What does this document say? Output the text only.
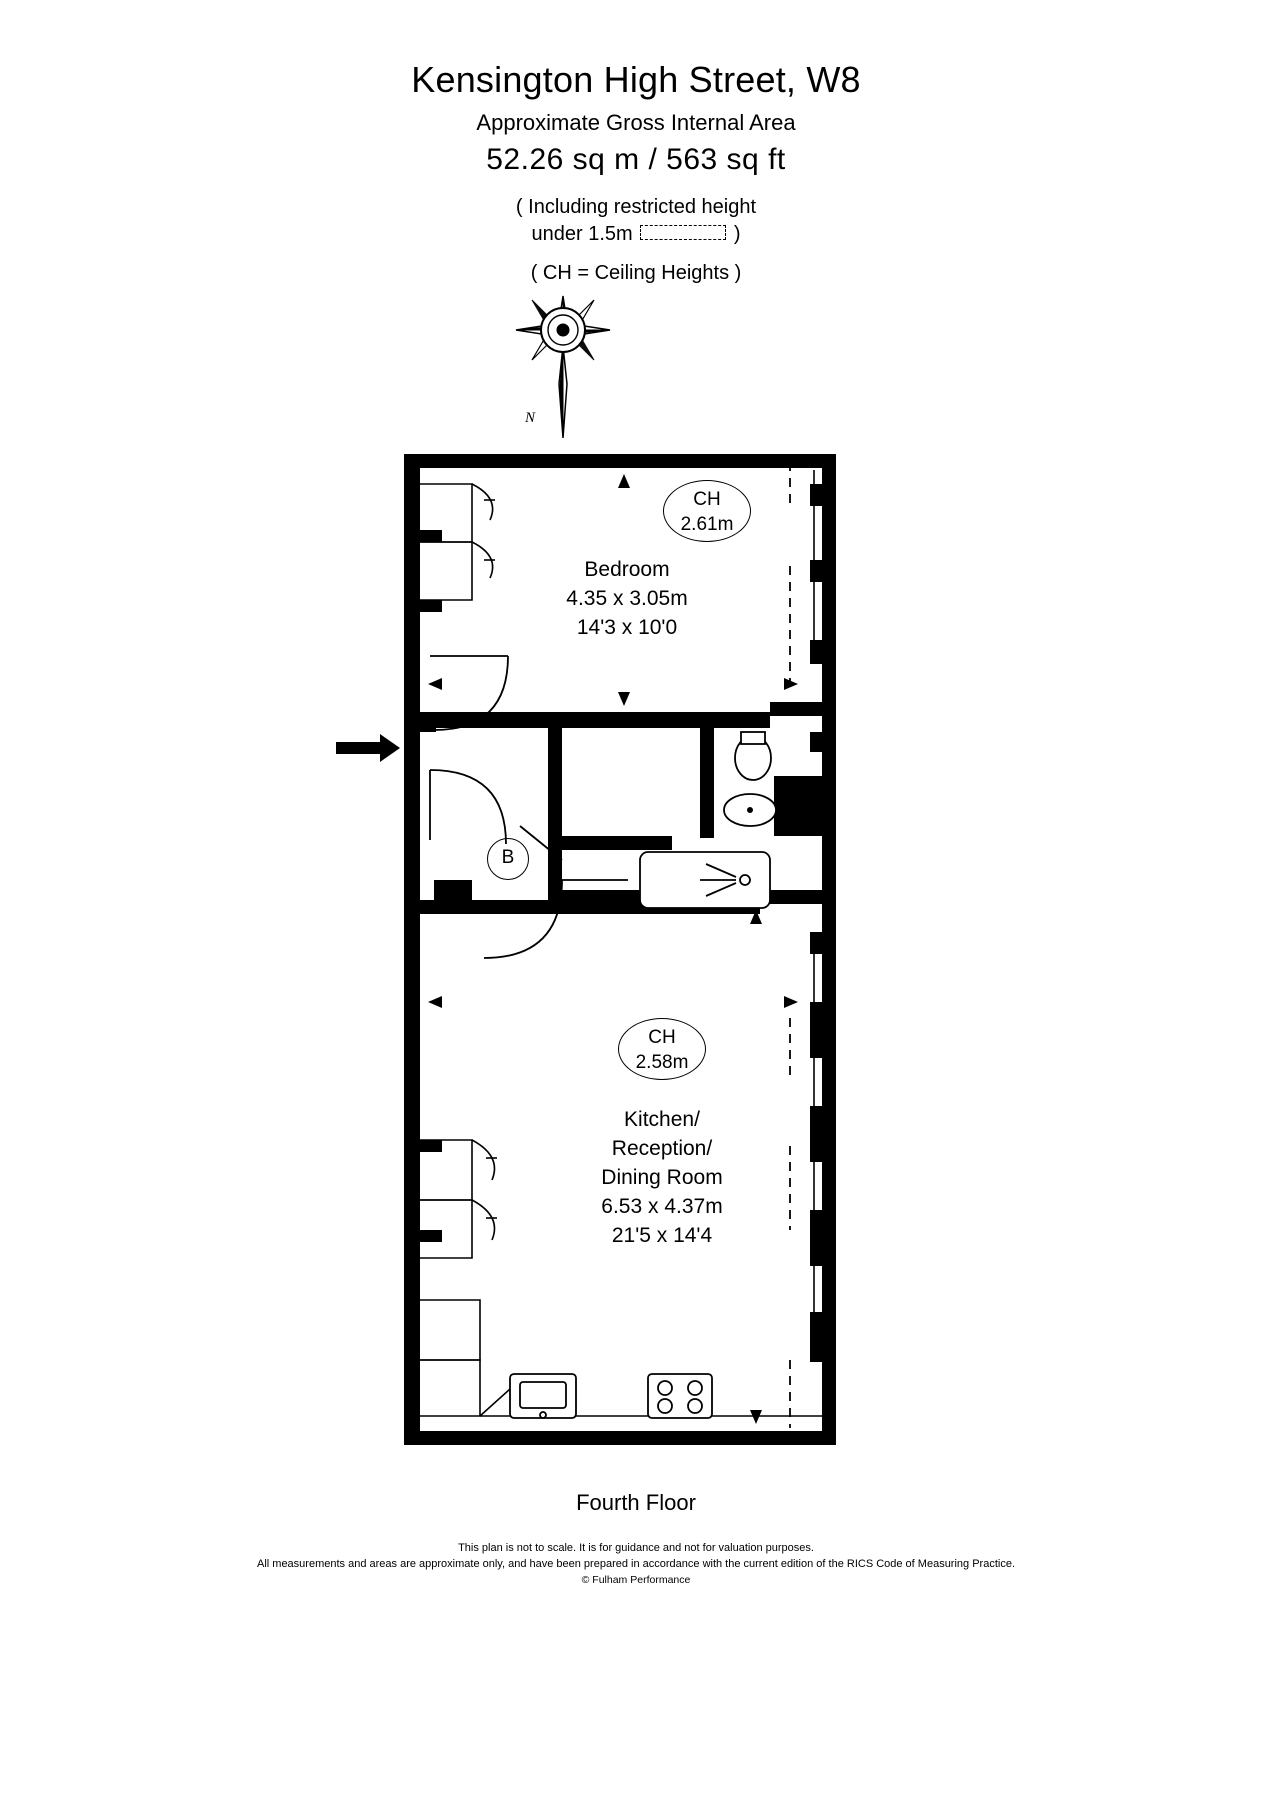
Kensington High Street, W8
Approximate Gross Internal Area
52.26 sq m / 563 sq ft
( Including restricted height
under 1.5m	)
( CH = Ceiling Heights )
N
CH
2.61m
Bedroom
4.35 x 3.05m
14'3 x 10'0
B
CH
2.58m
Kitchen/
Reception/
Dining Room
6.53 x 4.37m
21'5 x 14'4
Fourth Floor
This plan is not to scale. It is for guidance and not for valuation purposes.
All measurements and areas are approximate only, and have been prepared in accordance with the current edition of the RICS Code of Measuring Practice.
© Fulham Performance
